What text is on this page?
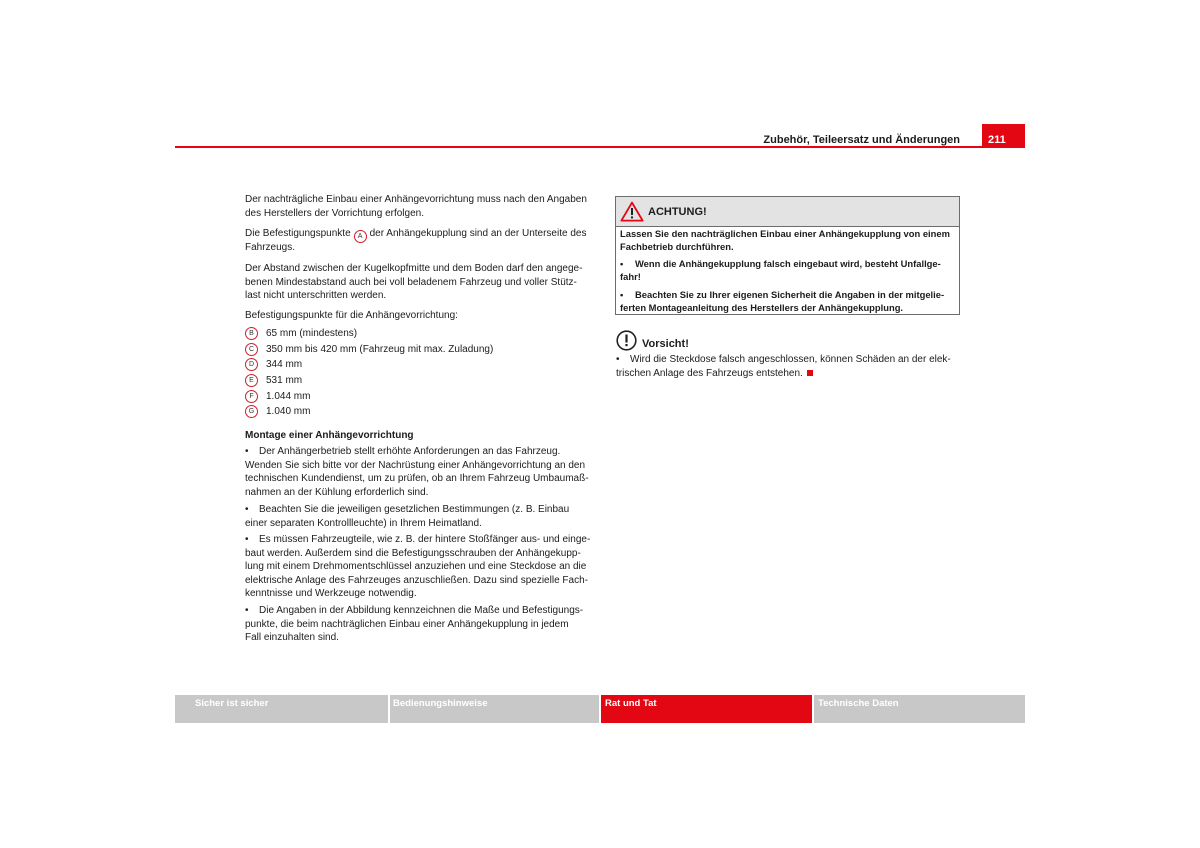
Zubehör, Teileersatz und Änderungen	211
Der nachträgliche Einbau einer Anhängevorrichtung muss nach den Angaben
des Herstellers der Vorrichtung erfolgen.
Die Befestigungspunkte A der Anhängekupplung sind an der Unterseite des
Fahrzeugs.
Der Abstand zwischen der Kugelkopfmitte und dem Boden darf den angege-
benen Mindestabstand auch bei voll beladenem Fahrzeug und voller Stütz-
last nicht unterschritten werden.
Befestigungspunkte für die Anhängevorrichtung:
B	65 mm (mindestens)
C	350 mm bis 420 mm (Fahrzeug mit max. Zuladung)
D	344 mm
E	531 mm
F	1.044 mm
G	1.040 mm
Montage einer Anhängevorrichtung
• Der Anhängerbetrieb stellt erhöhte Anforderungen an das Fahrzeug.
Wenden Sie sich bitte vor der Nachrüstung einer Anhängevorrichtung an den
technischen Kundendienst, um zu prüfen, ob an Ihrem Fahrzeug Umbaumaß-
nahmen an der Kühlung erforderlich sind.
• Beachten Sie die jeweiligen gesetzlichen Bestimmungen (z. B. Einbau
einer separaten Kontrollleuchte) in Ihrem Heimatland.
• Es müssen Fahrzeugteile, wie z. B. der hintere Stoßfänger aus- und einge-
baut werden. Außerdem sind die Befestigungsschrauben der Anhängekupp-
lung mit einem Drehmomentschlüssel anzuziehen und eine Steckdose an die
elektrische Anlage des Fahrzeuges anzuschließen. Dazu sind spezielle Fach-
kenntnisse und Werkzeuge notwendig.
• Die Angaben in der Abbildung kennzeichnen die Maße und Befestigungs-
punkte, die beim nachträglichen Einbau einer Anhängekupplung in jedem
Fall einzuhalten sind.
ACHTUNG!
Lassen Sie den nachträglichen Einbau einer Anhängekupplung von einem
Fachbetrieb durchführen.
• Wenn die Anhängekupplung falsch eingebaut wird, besteht Unfallge-
fahr!
• Beachten Sie zu Ihrer eigenen Sicherheit die Angaben in der mitgelie-
ferten Montageanleitung des Herstellers der Anhängekupplung.
Vorsicht!
• Wird die Steckdose falsch angeschlossen, können Schäden an der elek-
trischen Anlage des Fahrzeugs entstehen.
Sicher ist sicher	Bedienungshinweise	Rat und Tat	Technische Daten
